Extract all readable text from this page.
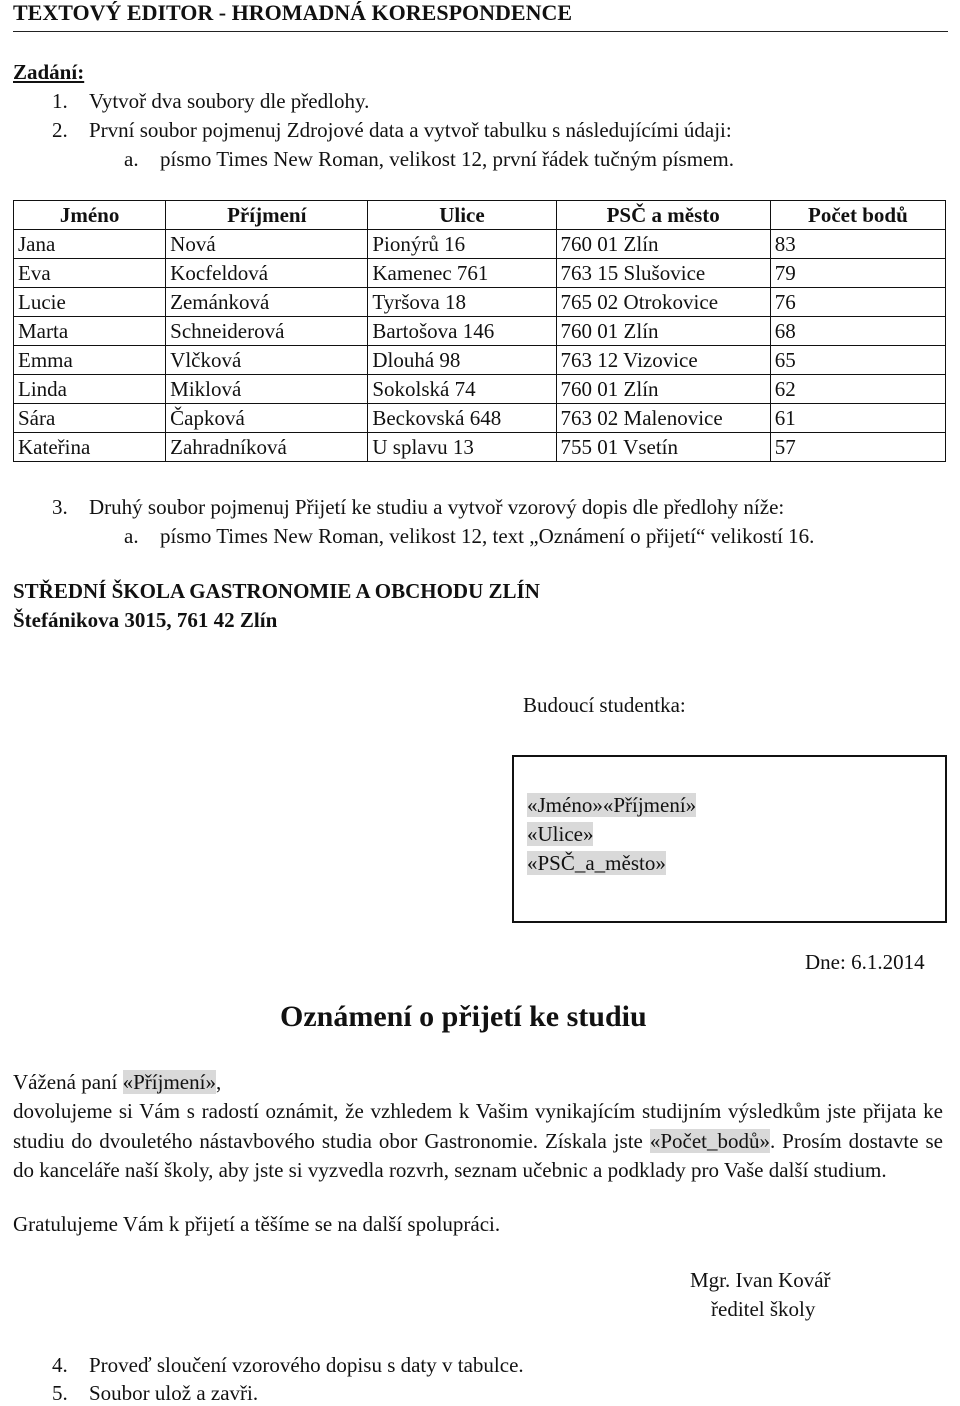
TEXTOVÝ EDITOR - HROMADNÁ KORESPONDENCE
Zadání:
1. Vytvoř dva soubory dle předlohy.
2. První soubor pojmenuj Zdrojové data a vytvoř tabulku s následujícími údaji:
a. písmo Times New Roman, velikost 12, první řádek tučným písmem.
Jméno	Příjmení	Ulice	PSČ a město	Počet bodů
Jana	Nová	Pionýrů 16	760 01 Zlín	83
Eva	Kocfeldová	Kamenec 761	763 15 Slušovice	79
Lucie	Zemánková	Tyršova 18	765 02 Otrokovice	76
Marta	Schneiderová	Bartošova 146	760 01 Zlín	68
Emma	Vlčková	Dlouhá 98	763 12 Vizovice	65
Linda	Miklová	Sokolská 74	760 01 Zlín	62
Sára	Čapková	Beckovská 648	763 02 Malenovice	61
Kateřina	Zahradníková	U splavu 13	755 01 Vsetín	57
3. Druhý soubor pojmenuj Přijetí ke studiu a vytvoř vzorový dopis dle předlohy níže:
a. písmo Times New Roman, velikost 12, text „Oznámení o přijetí“ velikostí 16.
STŘEDNÍ ŠKOLA GASTRONOMIE A OBCHODU ZLÍN
Štefánikova 3015, 761 42 Zlín
Budoucí studentka:
«Jméno»«Příjmení»
«Ulice»
«PSČ_a_město»
Dne: 6.1.2014
Oznámení o přijetí ke studiu
Vážená paní «Příjmení»,
dovolujeme si Vám s radostí oznámit, že vzhledem k Vašim vynikajícím studijním výsledkům jste přijata ke studiu do dvouletého nástavbového studia obor Gastronomie. Získala jste «Počet_bodů». Prosím dostavte se do kanceláře naší školy, aby jste si vyzvedla rozvrh, seznam učebnic a podklady pro Vaše další studium.
Gratulujeme Vám k přijetí a těšíme se na další spolupráci.
Mgr. Ivan Kovář
ředitel školy
4. Proveď sloučení vzorového dopisu s daty v tabulce.
5. Soubor ulož a zavři.
